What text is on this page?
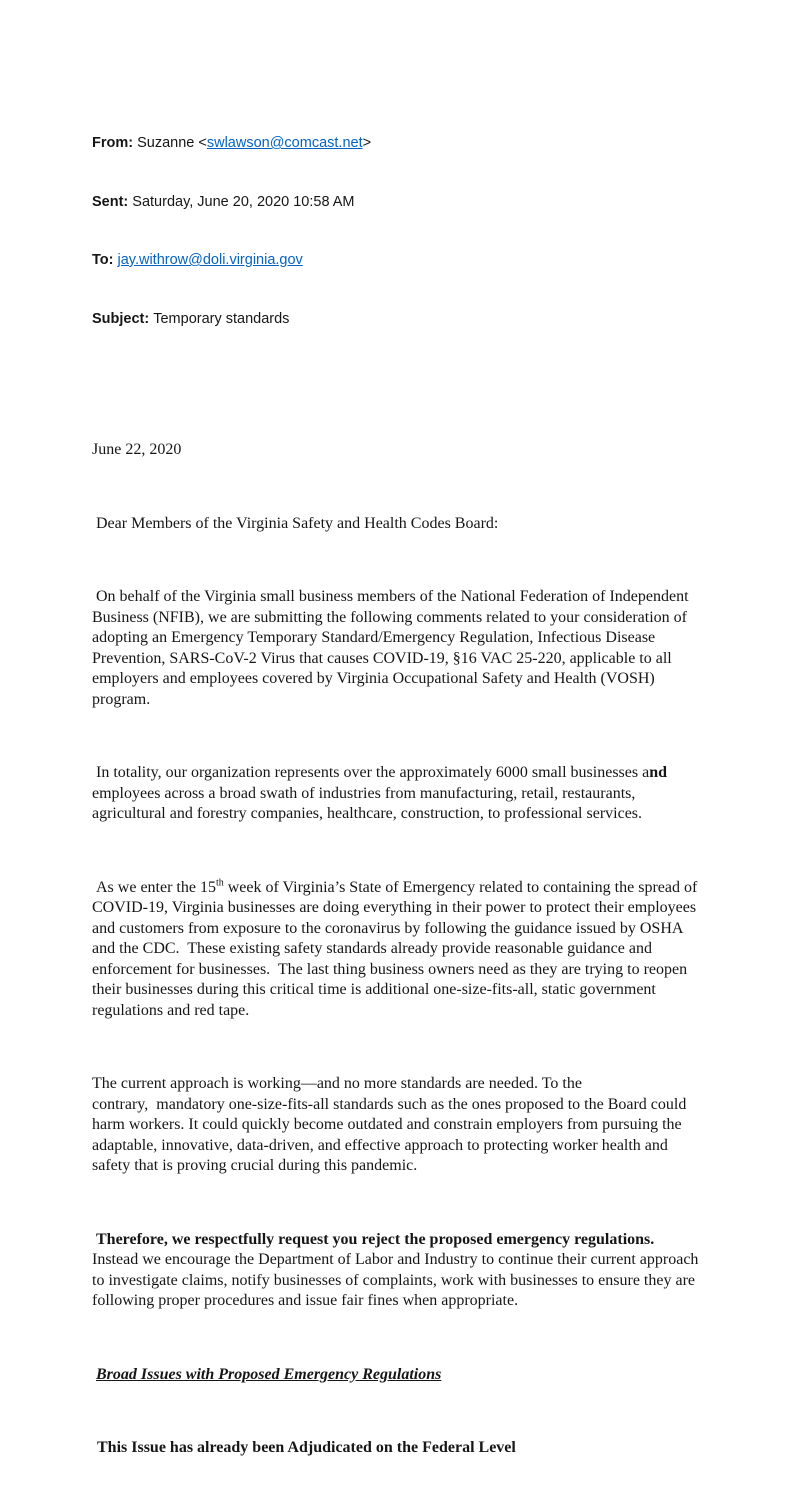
From: Suzanne <swlawson@comcast.net>

Sent: Saturday, June 20, 2020 10:58 AM

To: jay.withrow@doli.virginia.gov

Subject: Temporary standards

June 22, 2020

Dear Members of the Virginia Safety and Health Codes Board:

On behalf of the Virginia small business members of the National Federation of Independent Business (NFIB), we are submitting the following comments related to your consideration of adopting an Emergency Temporary Standard/Emergency Regulation, Infectious Disease Prevention, SARS-CoV-2 Virus that causes COVID-19, §16 VAC 25-220, applicable to all employers and employees covered by Virginia Occupational Safety and Health (VOSH) program.

In totality, our organization represents over the approximately 6000 small businesses and employees across a broad swath of industries from manufacturing, retail, restaurants, agricultural and forestry companies, healthcare, construction, to professional services.

As we enter the 15th week of Virginia’s State of Emergency related to containing the spread of COVID-19, Virginia businesses are doing everything in their power to protect their employees and customers from exposure to the coronavirus by following the guidance issued by OSHA and the CDC.  These existing safety standards already provide reasonable guidance and enforcement for businesses.  The last thing business owners need as they are trying to reopen their businesses during this critical time is additional one-size-fits-all, static government regulations and red tape.

The current approach is working—and no more standards are needed. To the
contrary,  mandatory one-size-fits-all standards such as the ones proposed to the Board could harm workers. It could quickly become outdated and constrain employers from pursuing the adaptable, innovative, data-driven, and effective approach to protecting worker health and safety that is proving crucial during this pandemic.

Therefore, we respectfully request you reject the proposed emergency regulations.  Instead we encourage the Department of Labor and Industry to continue their current approach to investigate claims, notify businesses of complaints, work with businesses to ensure they are following proper procedures and issue fair fines when appropriate.

Broad Issues with Proposed Emergency Regulations

This Issue has already been Adjudicated on the Federal Level
